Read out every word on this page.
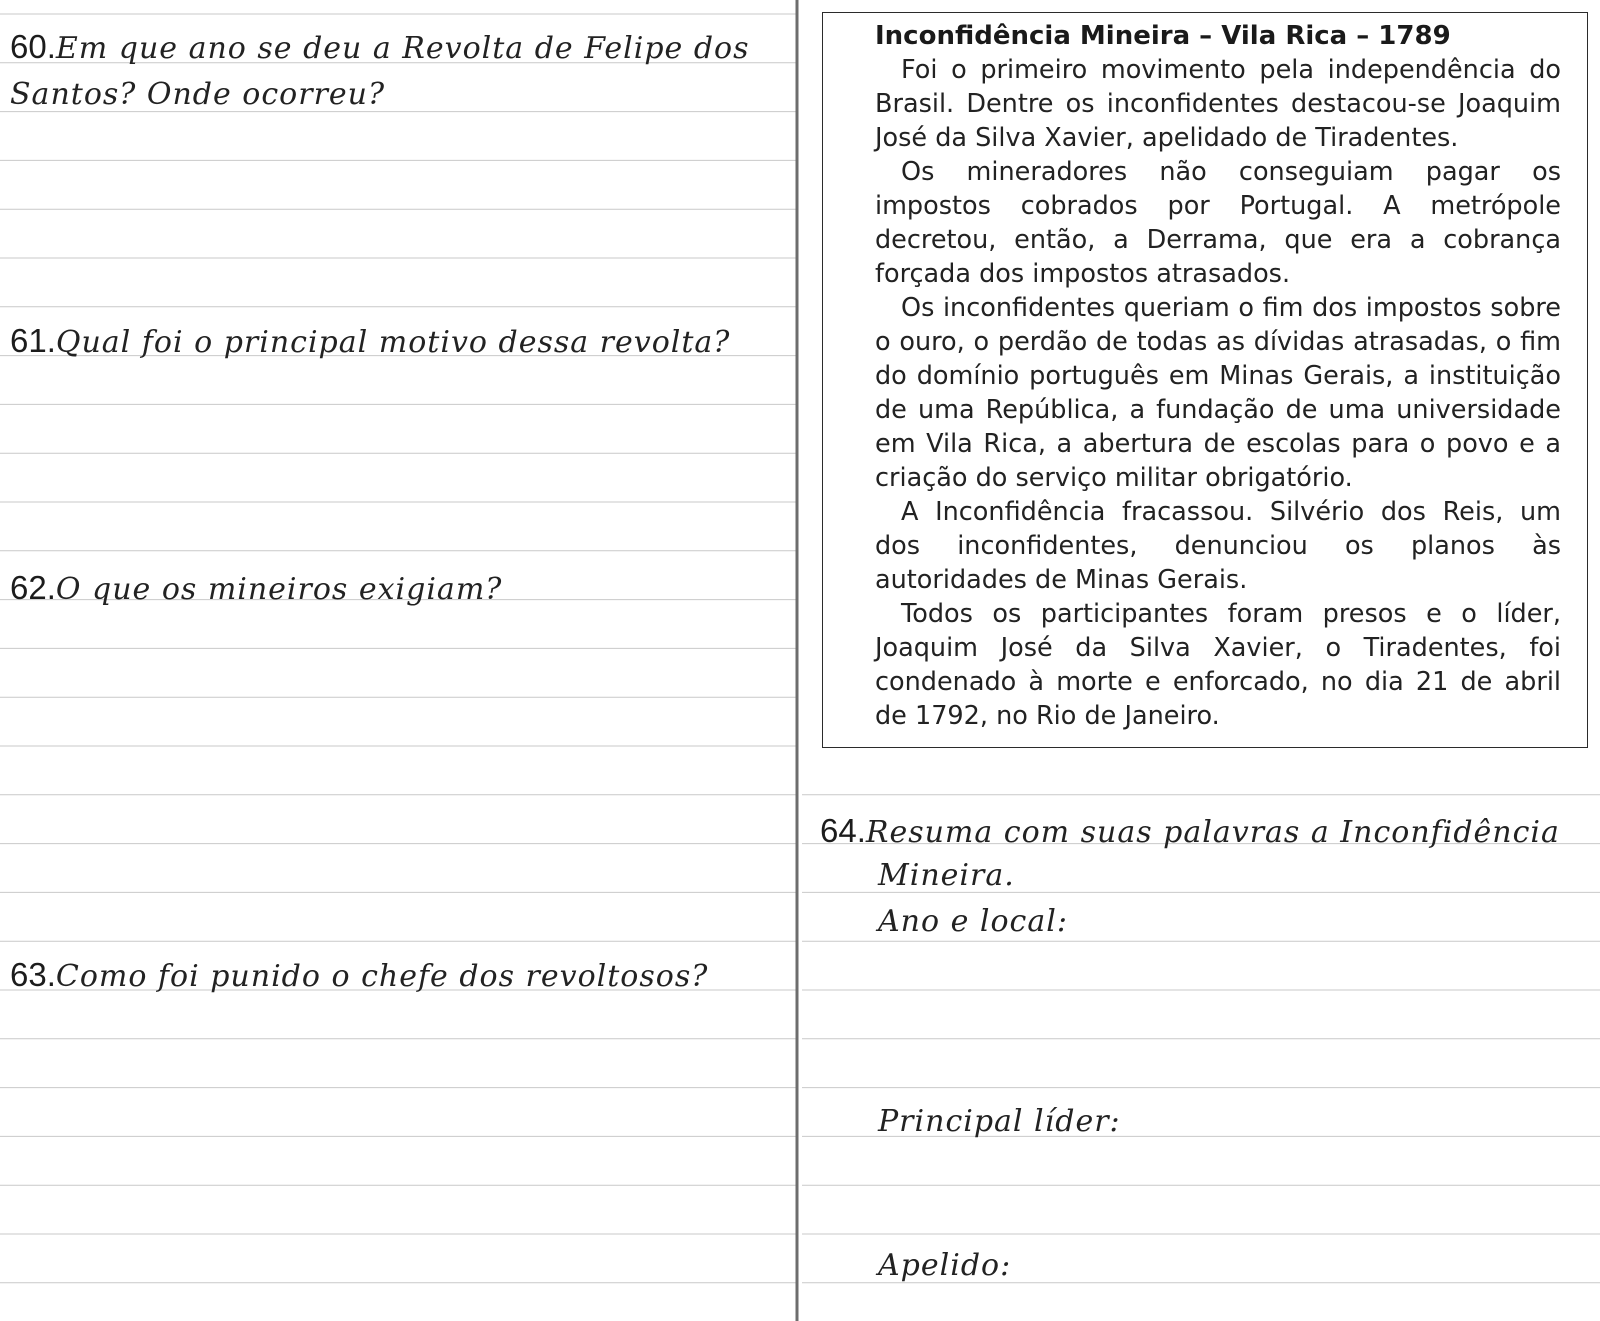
60.Em que ano se deu a Revolta de Felipe dos Santos? Onde ocorreu?

61.Qual foi o principal motivo dessa revolta?

62.O que os mineiros exigiam?

63.Como foi punido o chefe dos revoltosos?

Inconfidência Mineira – Vila Rica – 1789

Foi o primeiro movimento pela independência do Brasil. Dentre os inconfidentes destacou-se Joaquim José da Silva Xavier, apelidado de Tiradentes.

Os mineradores não conseguiam pagar os impostos cobrados por Portugal. A metrópole decretou, então, a Derrama, que era a cobrança forçada dos impostos atrasados.

Os inconfidentes queriam o fim dos impostos sobre o ouro, o perdão de todas as dívidas atrasadas, o fim do domínio português em Minas Gerais, a instituição de uma República, a fundação de uma universidade em Vila Rica, a abertura de escolas para o povo e a criação do serviço militar obrigatório.

A Inconfidência fracassou. Silvério dos Reis, um dos inconfidentes, denunciou os planos às autoridades de Minas Gerais.

Todos os participantes foram presos e o líder, Joaquim José da Silva Xavier, o Tiradentes, foi condenado à morte e enforcado, no dia 21 de abril de 1792, no Rio de Janeiro.

64.Resuma com suas palavras a Inconfidência

Mineira.

Ano e local:

Principal líder:

Apelido:
